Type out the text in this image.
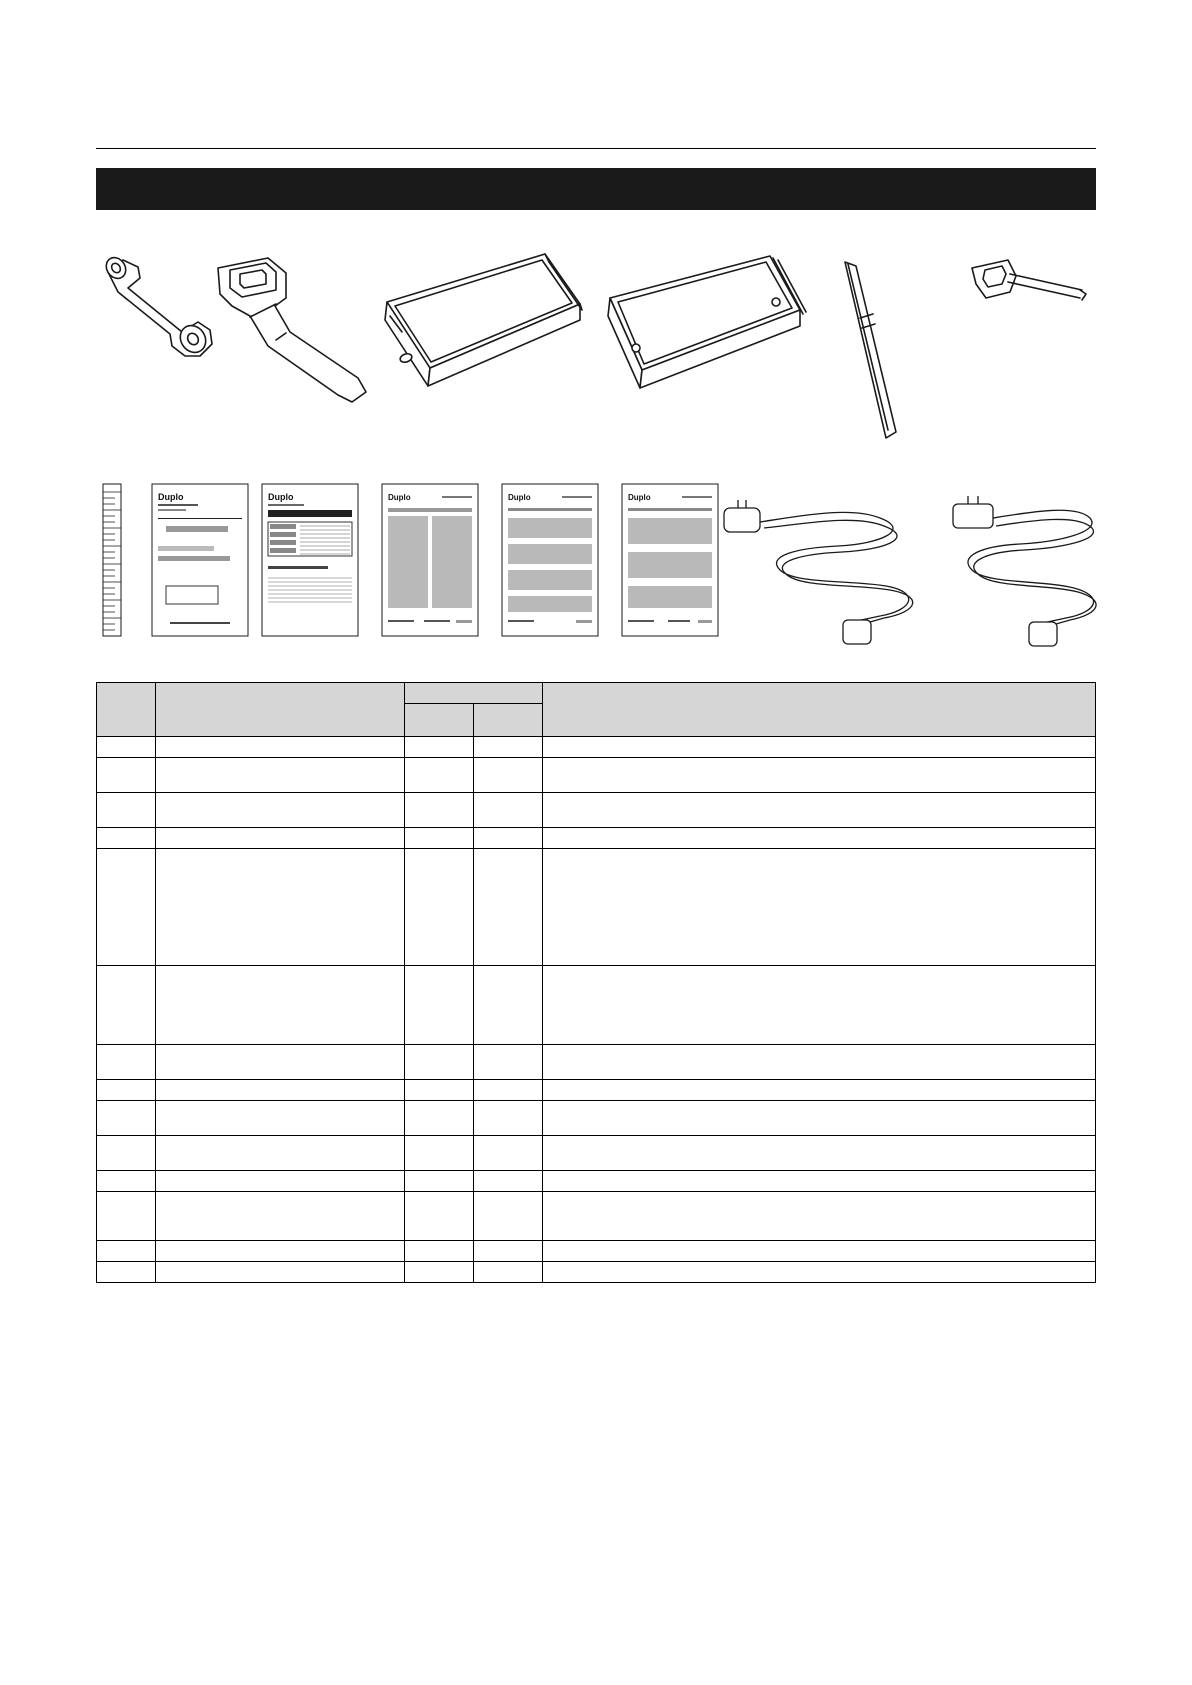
Duplo	Duplo	Duplo	Duplo	Duplo
